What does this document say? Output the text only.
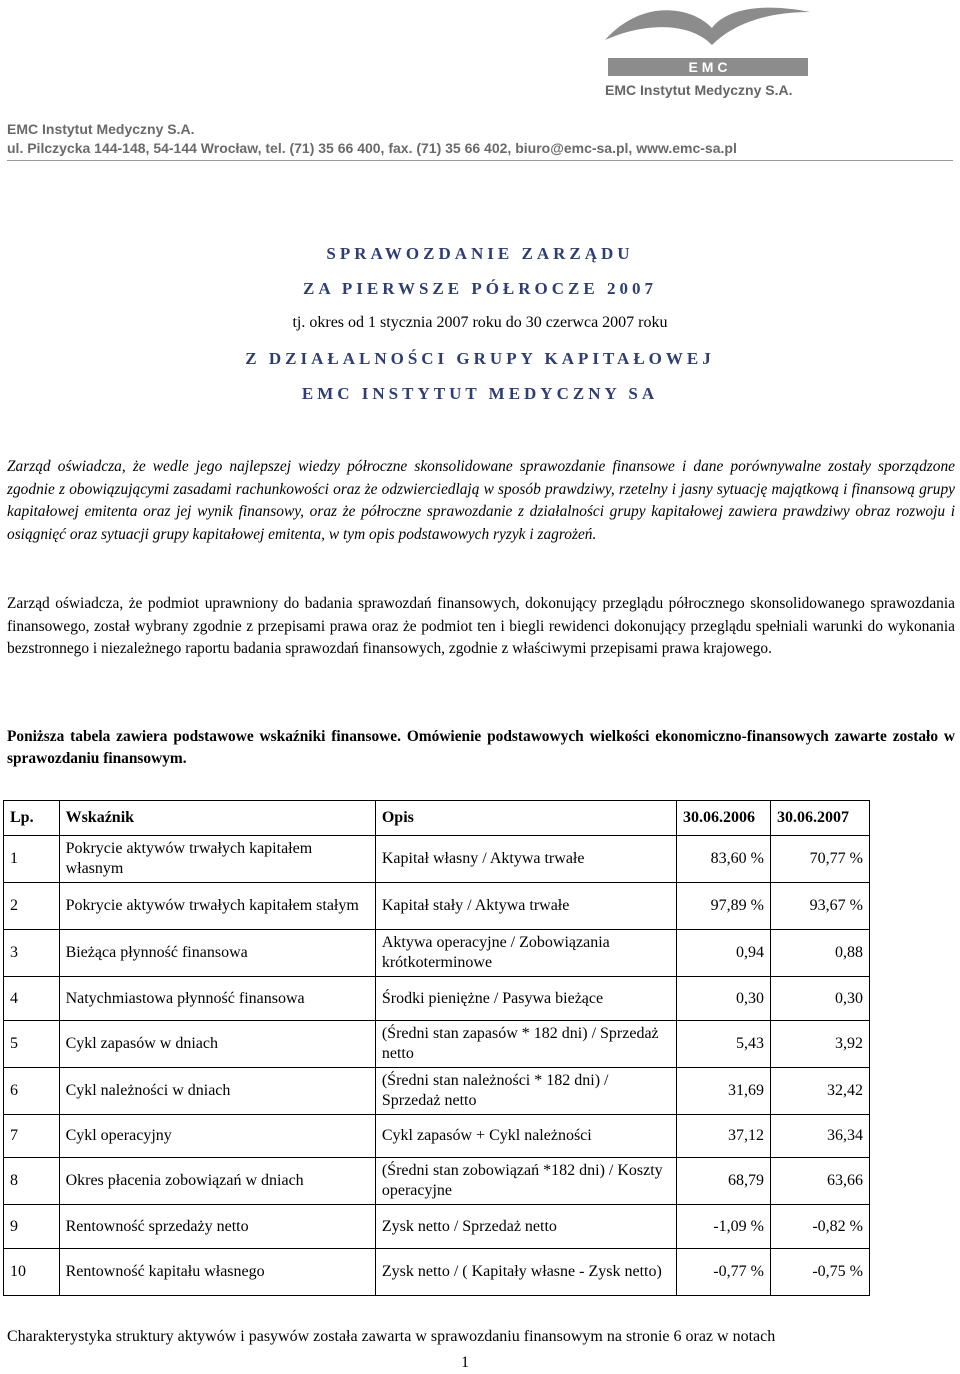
E M C
EMC Instytut Medyczny S.A.
EMC Instytut Medyczny S.A.
ul. Pilczycka 144-148, 54-144 Wrocław, tel. (71) 35 66 400, fax. (71) 35 66 402, biuro@emc-sa.pl, www.emc-sa.pl
SPRAWOZDANIE ZARZĄDU
ZA PIERWSZE PÓŁROCZE 2007
tj. okres od 1 stycznia 2007 roku do 30 czerwca 2007 roku
Z DZIAŁALNOŚCI GRUPY KAPITAŁOWEJ
EMC INSTYTUT MEDYCZNY SA
Zarząd oświadcza, że wedle jego najlepszej wiedzy półroczne skonsolidowane sprawozdanie finansowe i dane porównywalne zostały sporządzone zgodnie z obowiązującymi zasadami rachunkowości oraz że odzwierciedlają w sposób prawdziwy, rzetelny i jasny sytuację majątkową i finansową grupy kapitałowej emitenta oraz jej wynik finansowy, oraz że półroczne sprawozdanie z działalności grupy kapitałowej zawiera prawdziwy obraz rozwoju i osiągnięć oraz sytuacji grupy kapitałowej emitenta, w tym opis podstawowych ryzyk i zagrożeń.
Zarząd oświadcza, że podmiot uprawniony do badania sprawozdań finansowych, dokonujący przeglądu półrocznego skonsolidowanego sprawozdania finansowego, został wybrany zgodnie z przepisami prawa oraz że podmiot ten i biegli rewidenci dokonujący przeglądu spełniali warunki do wykonania bezstronnego i niezależnego raportu badania sprawozdań finansowych, zgodnie z właściwymi przepisami prawa krajowego.
Poniższa tabela zawiera podstawowe wskaźniki finansowe. Omówienie podstawowych wielkości ekonomiczno-finansowych zawarte zostało w sprawozdaniu finansowym.
Lp.	Wskaźnik	Opis	30.06.2006	30.06.2007
1	Pokrycie aktywów trwałych kapitałem własnym	Kapitał własny / Aktywa trwałe	83,60 %	70,77 %
2	Pokrycie aktywów trwałych kapitałem stałym	Kapitał stały / Aktywa trwałe	97,89 %	93,67 %
3	Bieżąca płynność finansowa	Aktywa operacyjne / Zobowiązania krótkoterminowe	0,94	0,88
4	Natychmiastowa płynność finansowa	Środki pieniężne / Pasywa bieżące	0,30	0,30
5	Cykl zapasów w dniach	(Średni stan zapasów * 182 dni) / Sprzedaż netto	5,43	3,92
6	Cykl należności w dniach	(Średni stan należności * 182 dni) / Sprzedaż netto	31,69	32,42
7	Cykl operacyjny	Cykl zapasów + Cykl należności	37,12	36,34
8	Okres płacenia zobowiązań w dniach	(Średni stan zobowiązań *182 dni) / Koszty operacyjne	68,79	63,66
9	Rentowność sprzedaży netto	Zysk netto / Sprzedaż netto	-1,09 %	-0,82 %
10	Rentowność kapitału własnego	Zysk netto / ( Kapitały własne - Zysk netto)	-0,77 %	-0,75 %
Charakterystyka struktury aktywów i pasywów została zawarta w sprawozdaniu finansowym na stronie 6 oraz w notach
1
